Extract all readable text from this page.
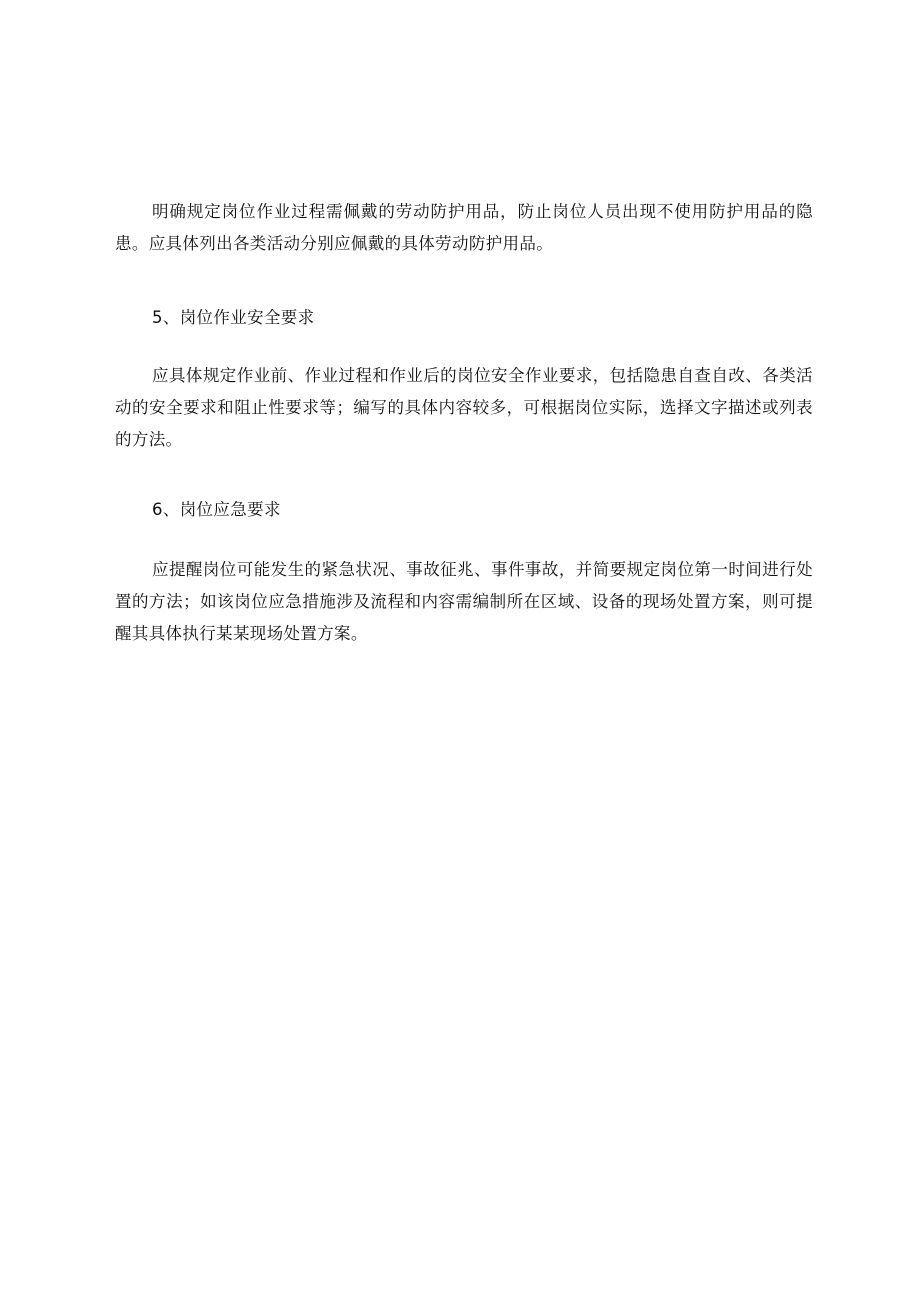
明确规定岗位作业过程需佩戴的劳动防护用品，防止岗位人员出现不使用防护用品的隐患。应具体列出各类活动分别应佩戴的具体劳动防护用品。

5、岗位作业安全要求

应具体规定作业前、作业过程和作业后的岗位安全作业要求，包括隐患自查自改、各类活动的安全要求和阻止性要求等；编写的具体内容较多，可根据岗位实际，选择文字描述或列表的方法。

6、岗位应急要求

应提醒岗位可能发生的紧急状况、事故征兆、事件事故，并简要规定岗位第一时间进行处置的方法；如该岗位应急措施涉及流程和内容需编制所在区域、设备的现场处置方案，则可提醒其具体执行某某现场处置方案。
